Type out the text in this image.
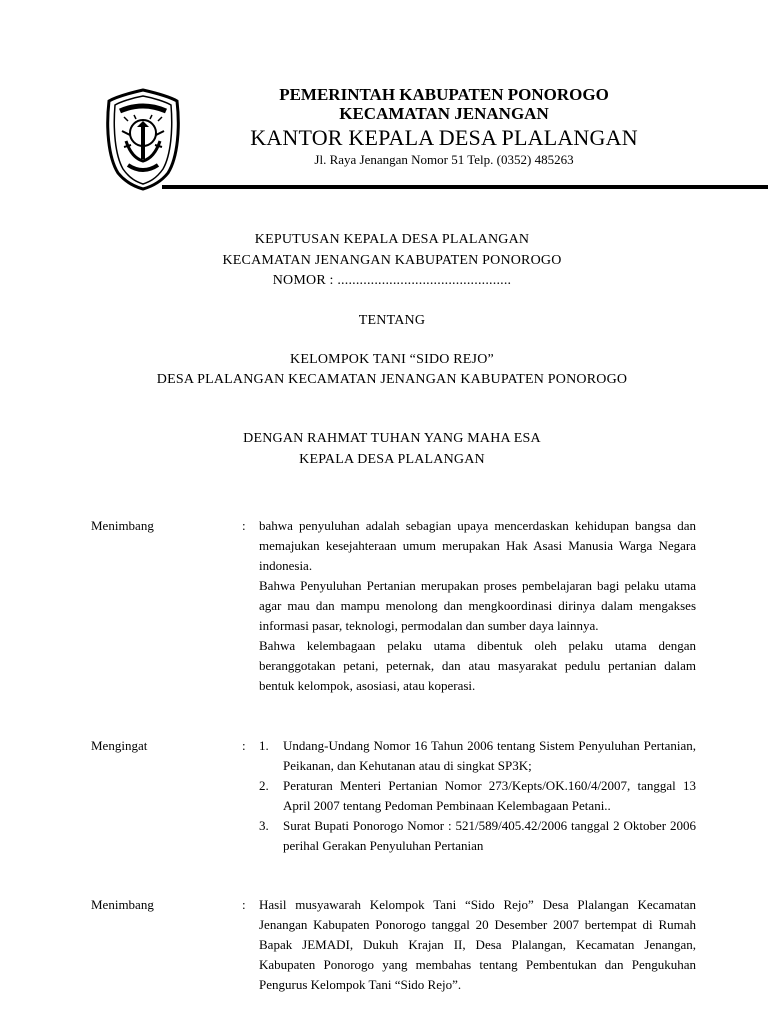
PEMERINTAH KABUPATEN PONOROGO
KECAMATAN JENANGAN
KANTOR KEPALA DESA PLALANGAN
Jl. Raya Jenangan Nomor 51 Telp. (0352) 485263
KEPUTUSAN KEPALA DESA PLALANGAN
KECAMATAN JENANGAN KABUPATEN PONOROGO
NOMOR : ...............................................
TENTANG
KELOMPOK TANI “SIDO REJO”
DESA PLALANGAN KECAMATAN JENANGAN KABUPATEN PONOROGO
DENGAN RAHMAT TUHAN YANG MAHA ESA
KEPALA DESA PLALANGAN
Menimbang	: bahwa penyuluhan adalah sebagian upaya mencerdaskan kehidupan bangsa dan memajukan kesejahteraan umum merupakan Hak Asasi Manusia Warga Negara indonesia.

Bahwa Penyuluhan Pertanian merupakan proses pembelajaran bagi pelaku utama agar mau dan mampu menolong dan mengkoordinasi dirinya dalam mengakses informasi pasar, teknologi, permodalan dan sumber daya lainnya.

Bahwa kelembagaan pelaku utama dibentuk oleh pelaku utama dengan beranggotakan petani, peternak, dan atau masyarakat pedulu pertanian dalam bentuk kelompok, asosiasi, atau koperasi.

Mengingat	: 1. Undang-Undang Nomor 16 Tahun 2006 tentang Sistem Penyuluhan Pertanian, Peikanan, dan Kehutanan atau di singkat SP3K;
2. Peraturan Menteri Pertanian Nomor 273/Kepts/OK.160/4/2007, tanggal 13 April 2007 tentang Pedoman Pembinaan Kelembagaan Petani..
3. Surat Bupati Ponorogo Nomor : 521/589/405.42/2006 tanggal 2 Oktober 2006 perihal Gerakan Penyuluhan Pertanian
Menimbang	: Hasil musyawarah Kelompok Tani “Sido Rejo” Desa Plalangan Kecamatan Jenangan Kabupaten Ponorogo tanggal 20 Desember 2007 bertempat di Rumah Bapak JEMADI, Dukuh Krajan II, Desa Plalangan, Kecamatan Jenangan, Kabupaten Ponorogo yang membahas tentang Pembentukan dan Pengukuhan Pengurus Kelompok Tani “Sido Rejo”.
